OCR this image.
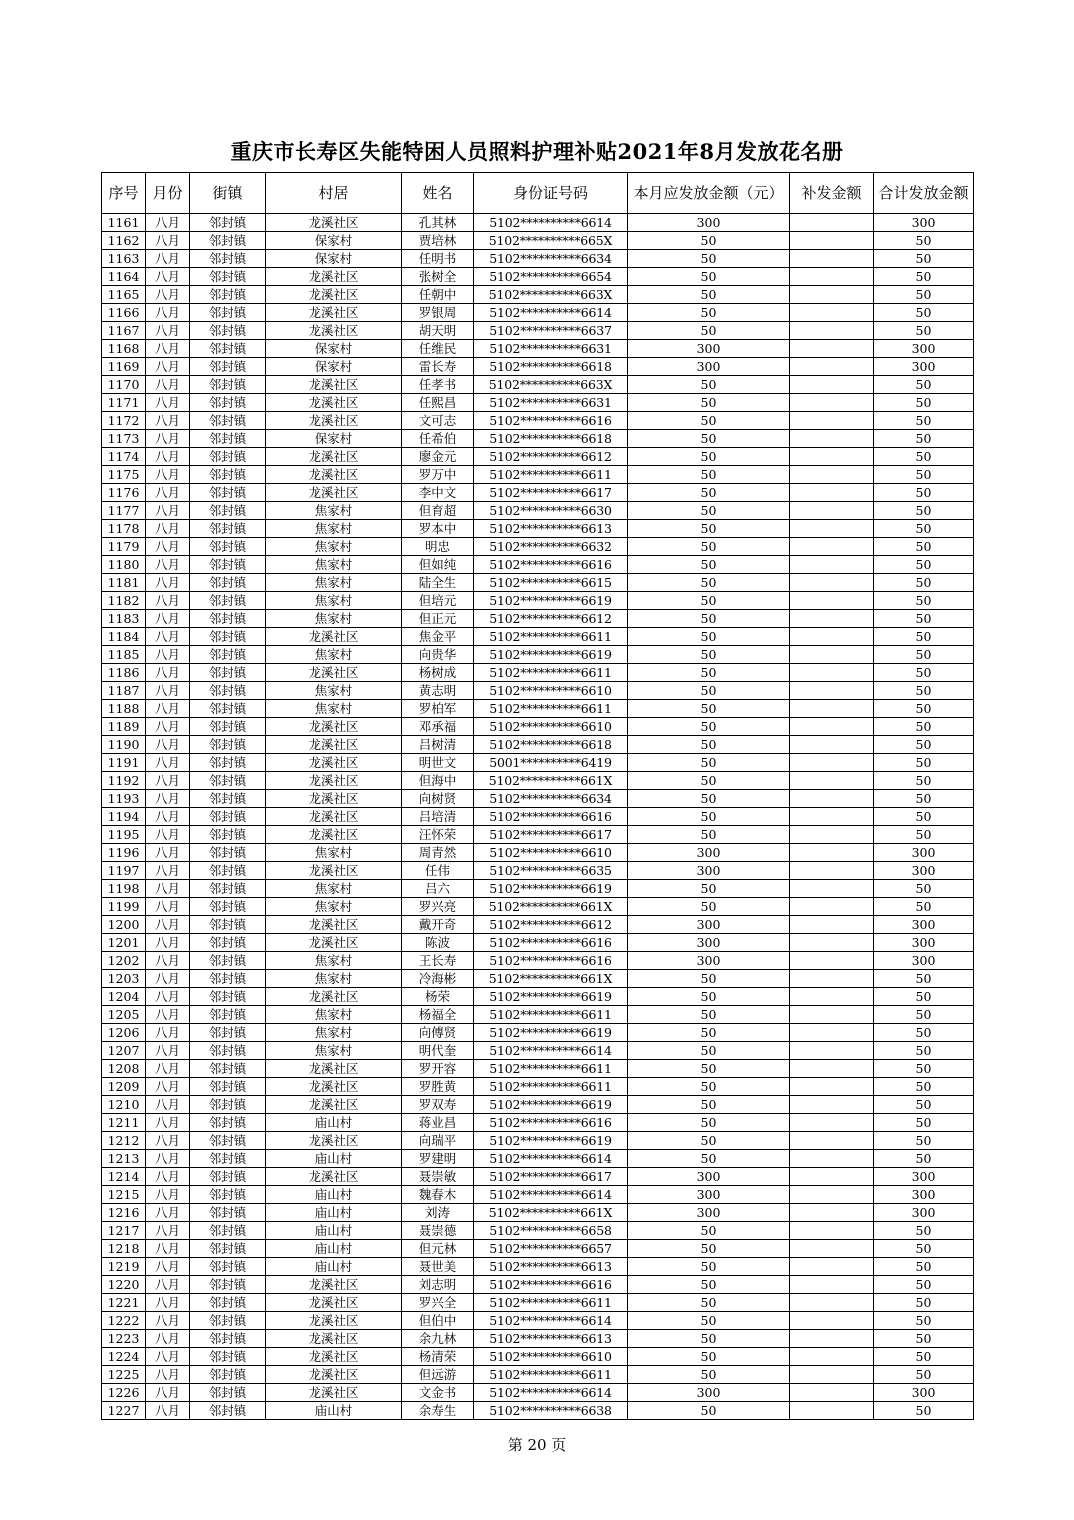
重庆市长寿区失能特困人员照料护理补贴2021年8月发放花名册
序号	月份	街镇	村居	姓名	身份证号码	本月应发放金额（元）	补发金额	合计发放金额
1161	八月	邻封镇	龙溪社区	孔其林	5102**********6614	300		300
1162	八月	邻封镇	保家村	贾培林	5102**********665X	50		50
1163	八月	邻封镇	保家村	任明书	5102**********6634	50		50
1164	八月	邻封镇	龙溪社区	张树全	5102**********6654	50		50
1165	八月	邻封镇	龙溪社区	任朝中	5102**********663X	50		50
1166	八月	邻封镇	龙溪社区	罗银周	5102**********6614	50		50
1167	八月	邻封镇	龙溪社区	胡天明	5102**********6637	50		50
1168	八月	邻封镇	保家村	任维民	5102**********6631	300		300
1169	八月	邻封镇	保家村	雷长寿	5102**********6618	300		300
1170	八月	邻封镇	龙溪社区	任孝书	5102**********663X	50		50
1171	八月	邻封镇	龙溪社区	任熙昌	5102**********6631	50		50
1172	八月	邻封镇	龙溪社区	文可志	5102**********6616	50		50
1173	八月	邻封镇	保家村	任希伯	5102**********6618	50		50
1174	八月	邻封镇	龙溪社区	廖金元	5102**********6612	50		50
1175	八月	邻封镇	龙溪社区	罗万中	5102**********6611	50		50
1176	八月	邻封镇	龙溪社区	李中文	5102**********6617	50		50
1177	八月	邻封镇	焦家村	但育超	5102**********6630	50		50
1178	八月	邻封镇	焦家村	罗本中	5102**********6613	50		50
1179	八月	邻封镇	焦家村	明忠	5102**********6632	50		50
1180	八月	邻封镇	焦家村	但如纯	5102**********6616	50		50
1181	八月	邻封镇	焦家村	陆全生	5102**********6615	50		50
1182	八月	邻封镇	焦家村	但培元	5102**********6619	50		50
1183	八月	邻封镇	焦家村	但正元	5102**********6612	50		50
1184	八月	邻封镇	龙溪社区	焦金平	5102**********6611	50		50
1185	八月	邻封镇	焦家村	向贵华	5102**********6619	50		50
1186	八月	邻封镇	龙溪社区	杨树成	5102**********6611	50		50
1187	八月	邻封镇	焦家村	黄志明	5102**********6610	50		50
1188	八月	邻封镇	焦家村	罗柏军	5102**********6611	50		50
1189	八月	邻封镇	龙溪社区	邓承福	5102**********6610	50		50
1190	八月	邻封镇	龙溪社区	吕树清	5102**********6618	50		50
1191	八月	邻封镇	龙溪社区	明世文	5001**********6419	50		50
1192	八月	邻封镇	龙溪社区	但海中	5102**********661X	50		50
1193	八月	邻封镇	龙溪社区	向树贤	5102**********6634	50		50
1194	八月	邻封镇	龙溪社区	吕培清	5102**********6616	50		50
1195	八月	邻封镇	龙溪社区	汪怀荣	5102**********6617	50		50
1196	八月	邻封镇	焦家村	周青然	5102**********6610	300		300
1197	八月	邻封镇	龙溪社区	任伟	5102**********6635	300		300
1198	八月	邻封镇	焦家村	吕六	5102**********6619	50		50
1199	八月	邻封镇	焦家村	罗兴亮	5102**********661X	50		50
1200	八月	邻封镇	龙溪社区	戴开奇	5102**********6612	300		300
1201	八月	邻封镇	龙溪社区	陈波	5102**********6616	300		300
1202	八月	邻封镇	焦家村	王长寿	5102**********6616	300		300
1203	八月	邻封镇	焦家村	冷海彬	5102**********661X	50		50
1204	八月	邻封镇	龙溪社区	杨荣	5102**********6619	50		50
1205	八月	邻封镇	焦家村	杨福全	5102**********6611	50		50
1206	八月	邻封镇	焦家村	向傅贤	5102**********6619	50		50
1207	八月	邻封镇	焦家村	明代奎	5102**********6614	50		50
1208	八月	邻封镇	龙溪社区	罗开容	5102**********6611	50		50
1209	八月	邻封镇	龙溪社区	罗胜黄	5102**********6611	50		50
1210	八月	邻封镇	龙溪社区	罗双寿	5102**********6619	50		50
1211	八月	邻封镇	庙山村	蒋业昌	5102**********6616	50		50
1212	八月	邻封镇	龙溪社区	向瑞平	5102**********6619	50		50
1213	八月	邻封镇	庙山村	罗建明	5102**********6614	50		50
1214	八月	邻封镇	龙溪社区	聂崇敏	5102**********6617	300		300
1215	八月	邻封镇	庙山村	魏春木	5102**********6614	300		300
1216	八月	邻封镇	庙山村	刘涛	5102**********661X	300		300
1217	八月	邻封镇	庙山村	聂崇德	5102**********6658	50		50
1218	八月	邻封镇	庙山村	但元林	5102**********6657	50		50
1219	八月	邻封镇	庙山村	聂世美	5102**********6613	50		50
1220	八月	邻封镇	龙溪社区	刘志明	5102**********6616	50		50
1221	八月	邻封镇	龙溪社区	罗兴全	5102**********6611	50		50
1222	八月	邻封镇	龙溪社区	但伯中	5102**********6614	50		50
1223	八月	邻封镇	龙溪社区	余九林	5102**********6613	50		50
1224	八月	邻封镇	龙溪社区	杨清荣	5102**********6610	50		50
1225	八月	邻封镇	龙溪社区	但远游	5102**********6611	50		50
1226	八月	邻封镇	龙溪社区	文金书	5102**********6614	300		300
1227	八月	邻封镇	庙山村	余寿生	5102**********6638	50		50
第 20 页
